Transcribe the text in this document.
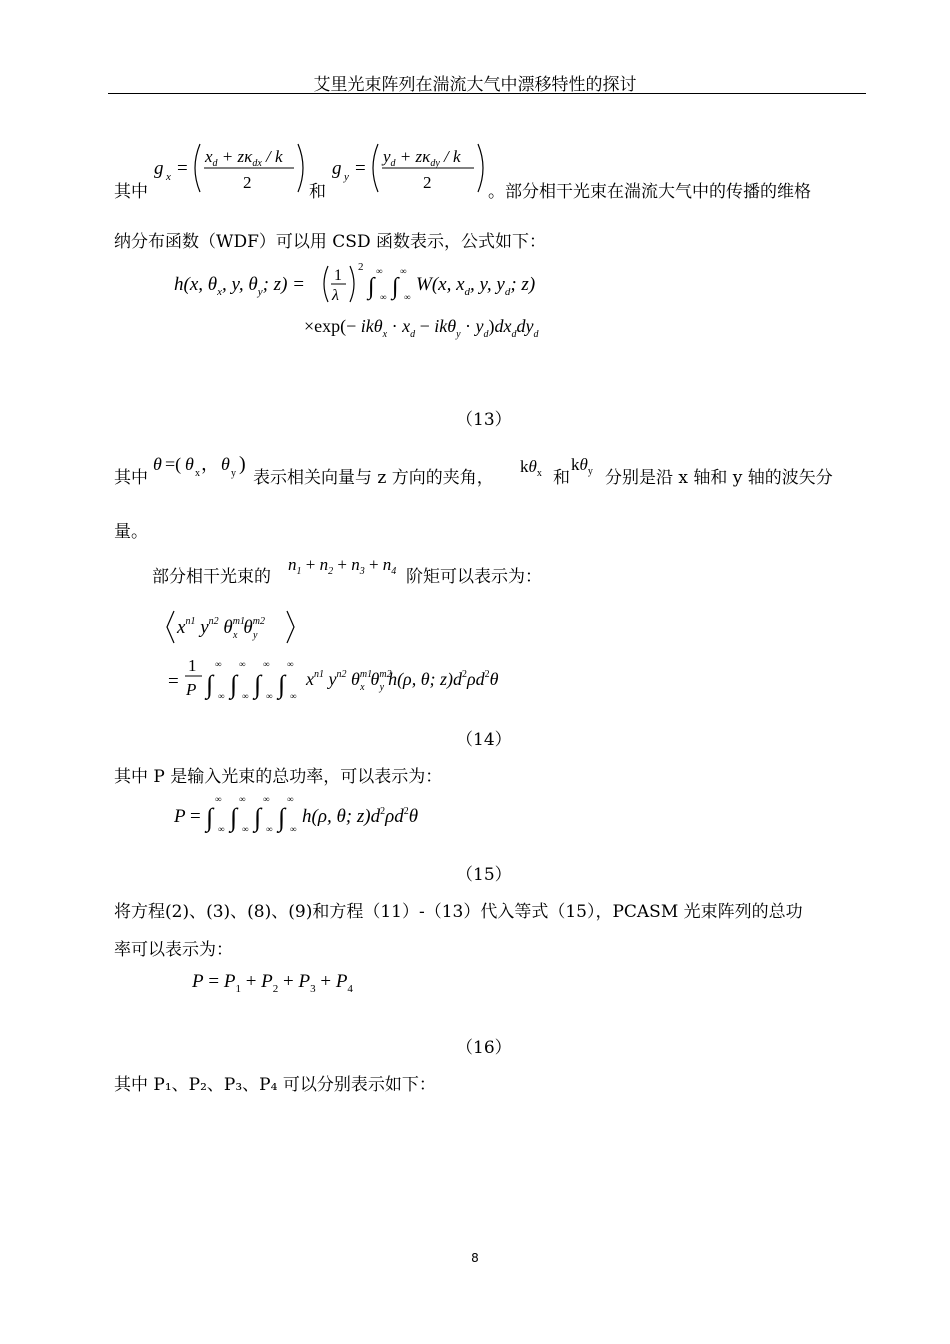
艾里光束阵列在湍流大气中漂移特性的探讨
其中
g x =
$x_d + z\kappa_{dx} / k$
2	和
g y =
$y_d + z\kappa_{dy} / k$
2	。部分相干光束在湍流大气中的传播的维格
纳分布函数（WDF）可以用 CSD 函数表示，公式如下：
h(x, $\theta_x$, y, $\theta_y$; z) = 1
λ
2
∫ ∞
∞
∫ ∞
∞
W(x, $x_d$, y, $y_d$; z)
$\times\exp(- ik\theta_x \cdot x_d - ik\theta_y \cdot y_d)dx_ddy_d$
（13）
其中
θ =( θ x ， θ y )
表示相关向量与 z 方向的夹角，
$k\theta_x$ 和
$k\theta_y$ 分别是沿 x 轴和 y 轴的波矢分
量。
部分相干光束的
$n_1 + n_2 + n_3 + n_4$ 阶矩可以表示为：
$x^{n1}$ $y^{n2}$ $\theta^{m1}$ x $\theta^{m2}$ y
=
1
P ∫ ∞
∞
∫ ∞
∞
∫ ∞
∞
∫ ∞
∞
$x^{n1}$ $y^{n2}$ $\theta^{m1}$ x $\theta^{m2}$ y h(ρ, θ; $z)d^2\rho d^2\theta$
（14）
其中 P 是输入光束的总功率，可以表示为：
P = ∫ ∞
∞
∫ ∞
∞
∫ ∞
∞
∫ ∞
∞
h(ρ, θ; $z)d^2\rho d^2\theta$
（15）
将方程(2)、(3)、(8)、(9)和方程（11）-（13）代入等式（15），PCASM 光束阵列的总功
率可以表示为：
$P = P_1 + P_2 + P_3 + P_4$
（16）
其中 P₁、P₂、P₃、P₄ 可以分别表示如下：
8
